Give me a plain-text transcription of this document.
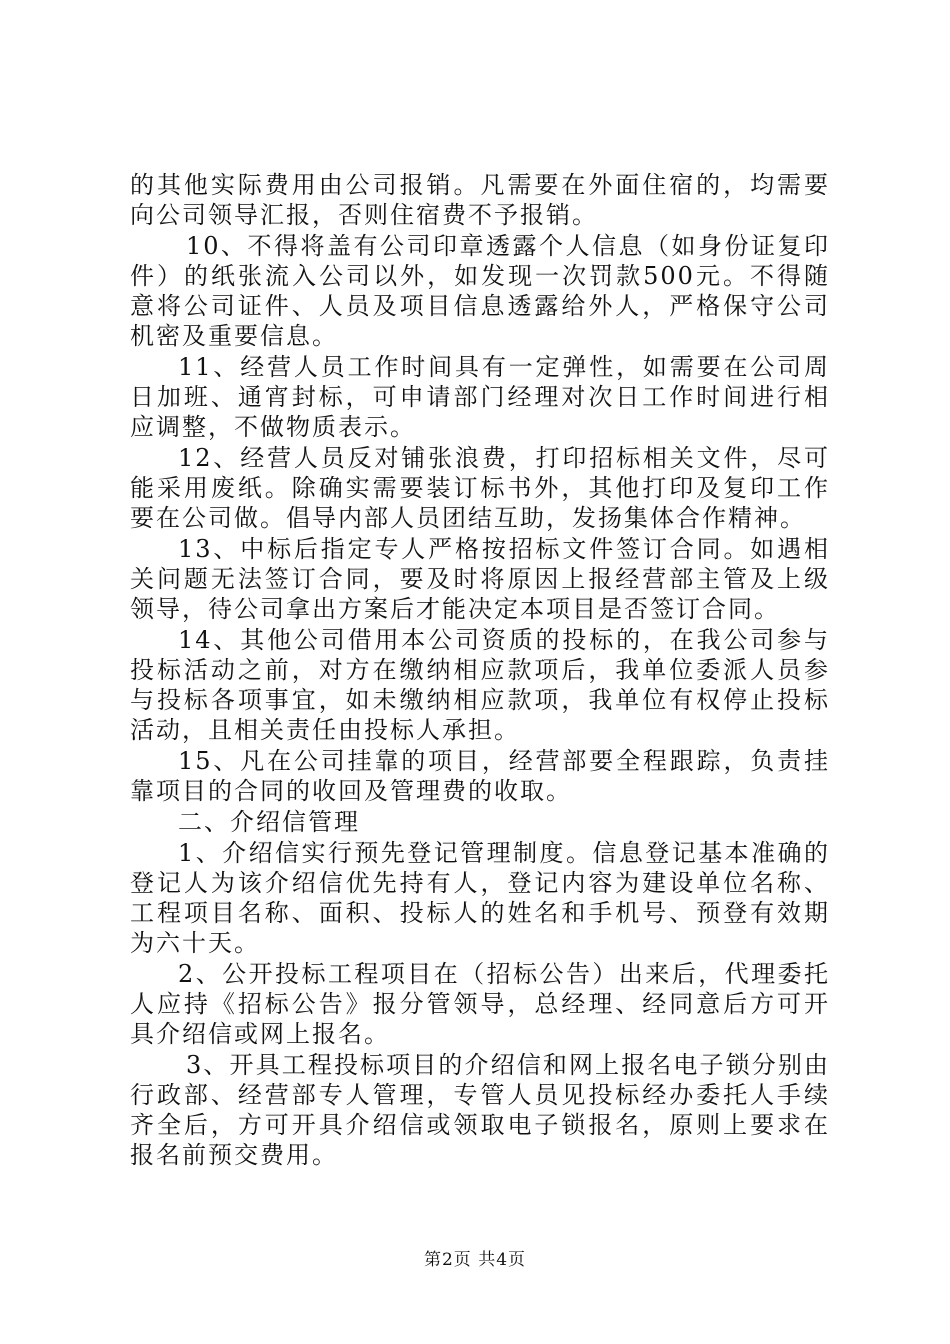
的其他实际费用由公司报销。凡需要在外面住宿的，均需要向公司领导汇报，否则住宿费不予报销。

10、不得将盖有公司印章透露个人信息（如身份证复印件）的纸张流入公司以外，如发现一次罚款500元。不得随意将公司证件、人员及项目信息透露给外人，严格保守公司机密及重要信息。

11、经营人员工作时间具有一定弹性，如需要在公司周日加班、通宵封标，可申请部门经理对次日工作时间进行相应调整，不做物质表示。

12、经营人员反对铺张浪费，打印招标相关文件，尽可能采用废纸。除确实需要装订标书外，其他打印及复印工作要在公司做。倡导内部人员团结互助，发扬集体合作精神。

13、中标后指定专人严格按招标文件签订合同。如遇相关问题无法签订合同，要及时将原因上报经营部主管及上级领导，待公司拿出方案后才能决定本项目是否签订合同。

14、其他公司借用本公司资质的投标的，在我公司参与投标活动之前，对方在缴纳相应款项后，我单位委派人员参与投标各项事宜，如未缴纳相应款项，我单位有权停止投标活动，且相关责任由投标人承担。

15、凡在公司挂靠的项目，经营部要全程跟踪，负责挂靠项目的合同的收回及管理费的收取。

二、介绍信管理

1、介绍信实行预先登记管理制度。信息登记基本准确的登记人为该介绍信优先持有人，登记内容为建设单位名称、工程项目名称、面积、投标人的姓名和手机号、预登有效期为六十天。

2、公开投标工程项目在（招标公告）出来后，代理委托人应持《招标公告》报分管领导，总经理、经同意后方可开具介绍信或网上报名。

3、开具工程投标项目的介绍信和网上报名电子锁分别由行政部、经营部专人管理，专管人员见投标经办委托人手续齐全后，方可开具介绍信或领取电子锁报名，原则上要求在报名前预交费用。

第2页 共4页
